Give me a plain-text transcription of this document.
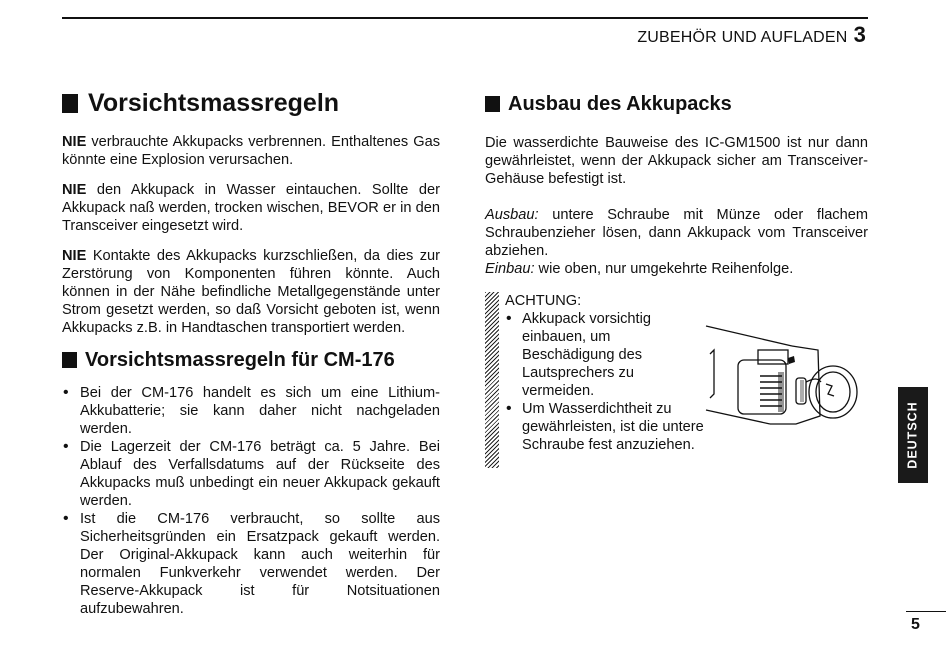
ZUBEHÖR UND AUFLADEN 3
Vorsichtsmassregeln

NIE verbrauchte Akkupacks verbrennen. Enthaltenes Gas könnte eine Explosion verursachen.

NIE den Akkupack in Wasser eintauchen. Sollte der Akkupack naß werden, trocken wischen, BEVOR er in den Transceiver eingesetzt wird.

NIE Kontakte des Akkupacks kurzschließen, da dies zur Zerstörung von Komponenten führen könnte. Auch können in der Nähe befindliche Metallgegenstände unter Strom gesetzt werden, so daß Vorsicht geboten ist, wenn Akkupacks z.B. in Handtaschen transportiert werden.

Vorsichtsmassregeln für CM-176
• Bei der CM-176 handelt es sich um eine Lithium-Akkubatterie; sie kann daher nicht nachgeladen werden.
• Die Lagerzeit der CM-176 beträgt ca. 5 Jahre. Bei Ablauf des Verfallsdatums auf der Rückseite des Akkupacks muß unbedingt ein neuer Akkupack gekauft werden.
• Ist die CM-176 verbraucht, so sollte aus Sicherheitsgründen ein Ersatzpack gekauft werden. Der Original-Akkupack kann auch weiterhin für normalen Funkverkehr verwendet werden. Der Reserve-Akkupack ist für Notsituationen aufzubewahren.
Ausbau des Akkupacks

Die wasserdichte Bauweise des IC-GM1500 ist nur dann gewährleistet, wenn der Akkupack sicher am Transceiver-Gehäuse befestigt ist.

Ausbau: untere Schraube mit Münze oder flachem Schraubenzieher lösen, dann Akkupack vom Transceiver abziehen.

Einbau: wie oben, nur umgekehrte Reihenfolge.

ACHTUNG:
• Akkupack vorsichtig einbauen, um Beschädigung des Lautsprechers zu vermeiden.
• Um Wasserdichtheit zu gewährleisten, ist die untere Schraube fest anzuziehen.	DEUTSCH
5
